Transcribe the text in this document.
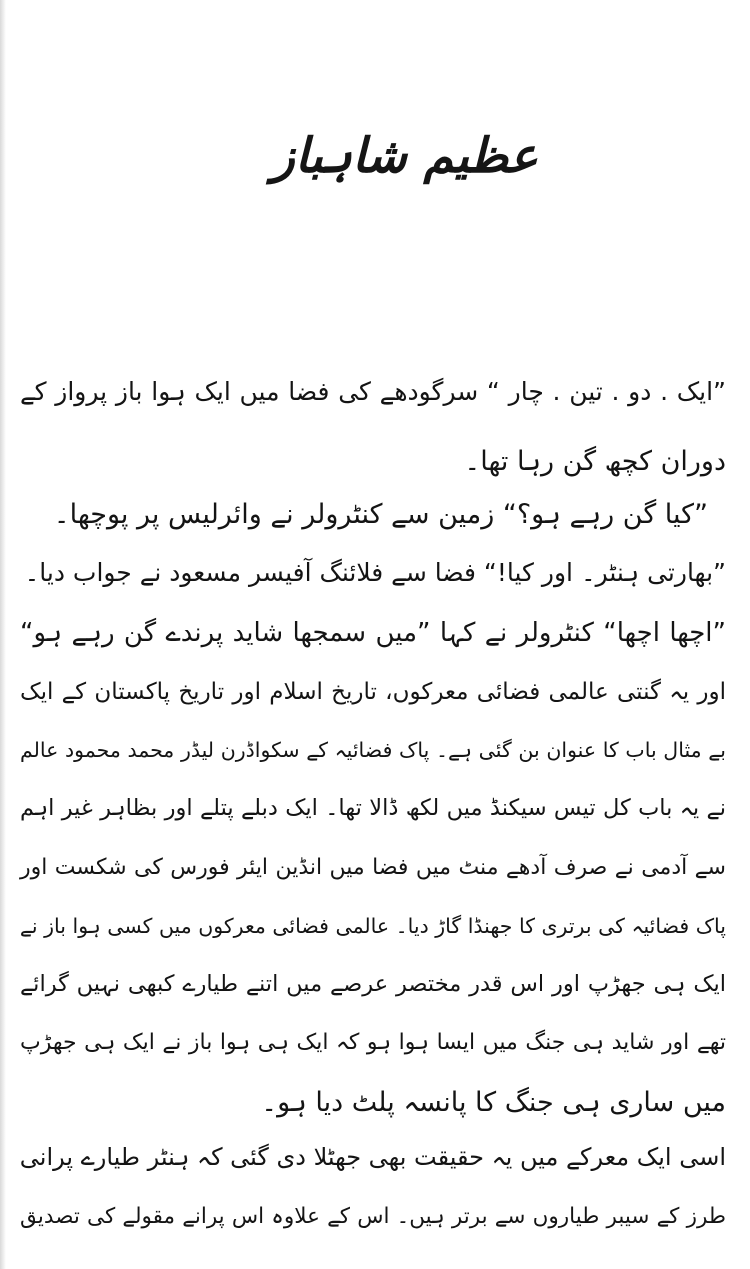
عظیم شاہباز
”ایک . دو . تین . چار “ سرگودھے کی فضا میں ایک ہوا باز پرواز کے
دوران کچھ گن رہا تھا۔
”کیا گن رہے ہو؟“ زمین سے کنٹرولر نے وائرلیس پر پوچھا۔
”بھارتی ہنٹر۔ اور کیا!“ فضا سے فلائنگ آفیسر مسعود نے جواب دیا۔
”اچھا اچھا“ کنٹرولر نے کہا ”میں سمجھا شاید پرندے گن رہے ہو“
اور یہ گنتی عالمی فضائی معرکوں، تاریخ اسلام اور تاریخ پاکستان کے ایک
بے مثال باب کا عنوان بن گئی ہے۔ پاک فضائیہ کے سکواڈرن لیڈر محمد محمود عالم
نے یہ باب کل تیس سیکنڈ میں لکھ ڈالا تھا۔ ایک دبلے پتلے اور بظاہر غیر اہم
سے آدمی نے صرف آدھے منٹ میں فضا میں انڈین ایئر فورس کی شکست اور
پاک فضائیہ کی برتری کا جھنڈا گاڑ دیا۔ عالمی فضائی معرکوں میں کسی ہوا باز نے
ایک ہی جھڑپ اور اس قدر مختصر عرصے میں اتنے طیارے کبھی نہیں گرائے
تھے اور شاید ہی جنگ میں ایسا ہوا ہو کہ ایک ہی ہوا باز نے ایک ہی جھڑپ
میں ساری ہی جنگ کا پانسہ پلٹ دیا ہو۔
اسی ایک معرکے میں یہ حقیقت بھی جھٹلا دی گئی کہ ہنٹر طیارے پرانی
طرز کے سیبر طیاروں سے برتر ہیں۔ اس کے علاوہ اس پرانے مقولے کی تصدیق
